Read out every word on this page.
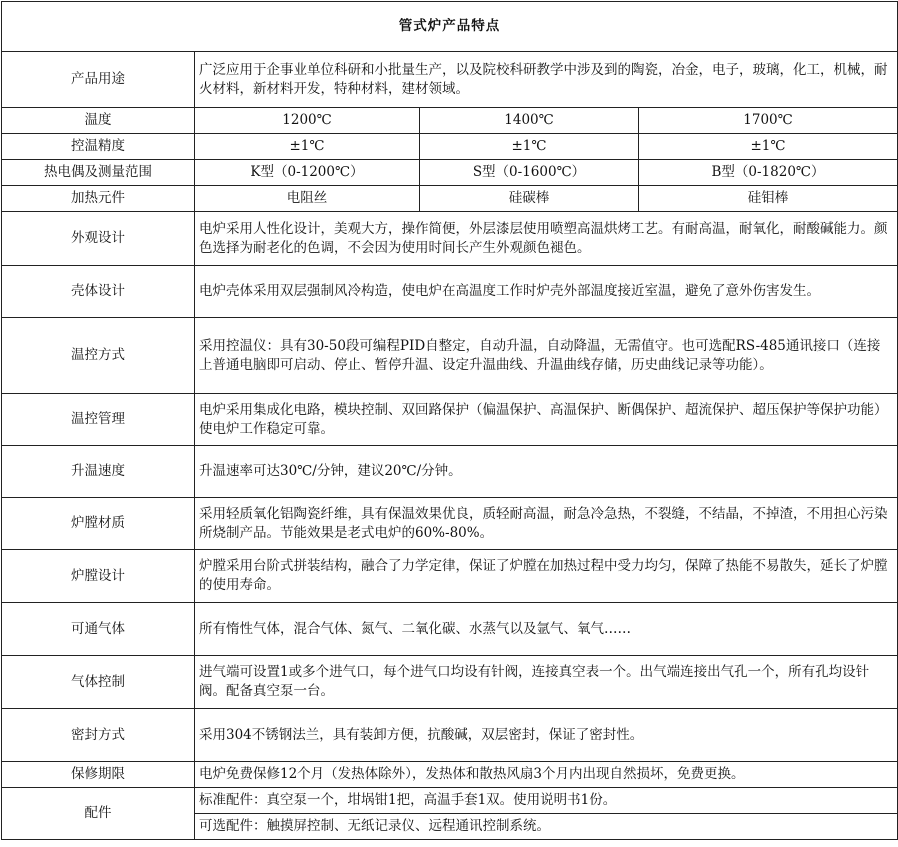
管式炉产品特点			
产品用途	广泛应用于企事业单位科研和小批量生产，以及院校科研教学中涉及到的陶瓷，冶金，电子，玻璃，化工，机械，耐火材料，新材料开发，特种材料，建材领域。		
温度	1200℃	1400℃	1700℃
控温精度	±1℃	±1℃	±1℃
热电偶及测量范围	K型（0-1200℃）	S型（0-1600℃）	B型（0-1820℃）
加热元件	电阻丝	硅碳棒	硅钼棒
外观设计	电炉采用人性化设计，美观大方，操作简便，外层漆层使用喷塑高温烘烤工艺。有耐高温，耐氧化，耐酸碱能力。颜色选择为耐老化的色调，不会因为使用时间长产生外观颜色褪色。		
壳体设计	电炉壳体采用双层强制风冷构造，使电炉在高温度工作时炉壳外部温度接近室温，避免了意外伤害发生。		
温控方式	采用控温仪：具有30-50段可编程PID自整定，自动升温，自动降温，无需值守。也可选配RS-485通讯接口（连接上普通电脑即可启动、停止、暂停升温、设定升温曲线、升温曲线存储，历史曲线记录等功能）。		
温控管理	电炉采用集成化电路，模块控制、双回路保护（偏温保护、高温保护、断偶保护、超流保护、超压保护等保护功能）使电炉工作稳定可靠。		
升温速度	升温速率可达30℃/分钟，建议20℃/分钟。		
炉膛材质	采用轻质氧化铝陶瓷纤维，具有保温效果优良，质轻耐高温，耐急冷急热，不裂缝，不结晶，不掉渣，不用担心污染所烧制产品。节能效果是老式电炉的60%-80%。		
炉膛设计	炉膛采用台阶式拼装结构，融合了力学定律，保证了炉膛在加热过程中受力均匀，保障了热能不易散失，延长了炉膛的使用寿命。		
可通气体	所有惰性气体，混合气体、氮气、二氧化碳、水蒸气以及氩气、氧气……		
气体控制	进气端可设置1或多个进气口，每个进气口均设有针阀，连接真空表一个。出气端连接出气孔一个，所有孔均设针阀。配备真空泵一台。		
密封方式	采用304不锈钢法兰，具有装卸方便，抗酸碱，双层密封，保证了密封性。		
保修期限	电炉免费保修12个月（发热体除外），发热体和散热风扇3个月内出现自然损坏，免费更换。		
配件	标准配件：真空泵一个，坩埚钳1把，高温手套1双。使用说明书1份。		
	可选配件：触摸屏控制、无纸记录仪、远程通讯控制系统。		
